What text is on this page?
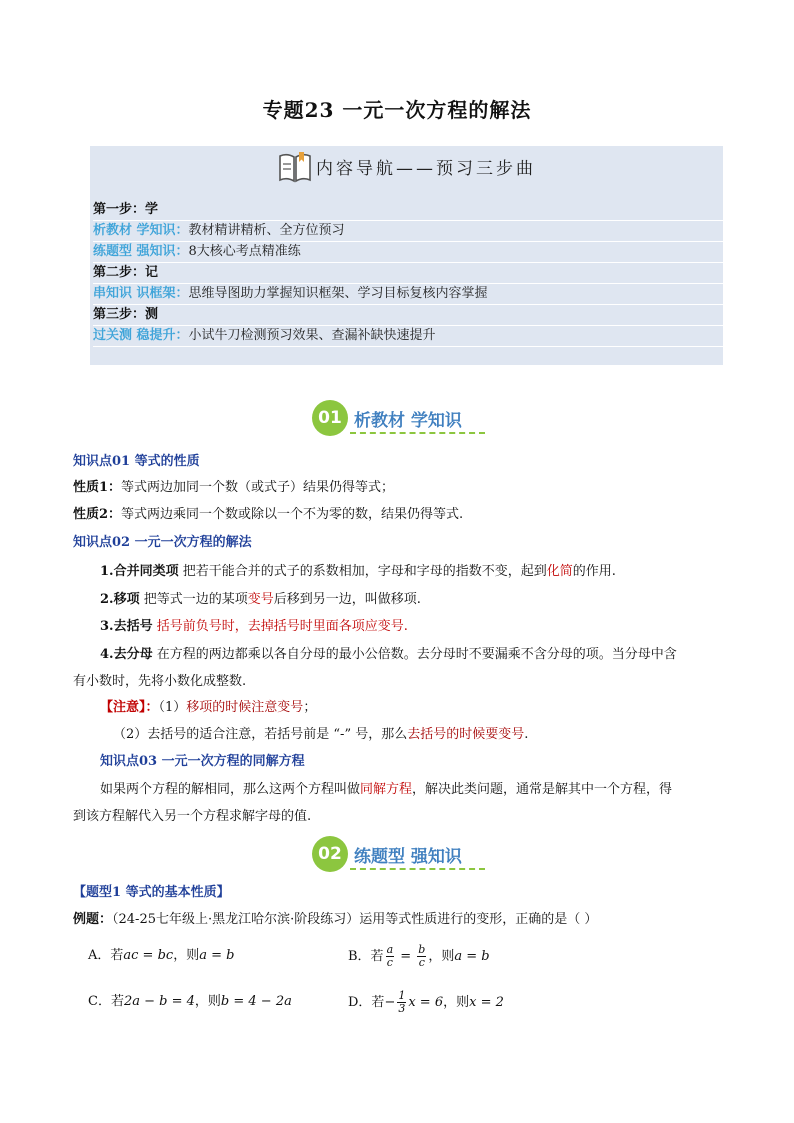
专题23 一元一次方程的解法
内容导航——预习三步曲
第一步：学
析教材 学知识：教材精讲精析、全方位预习
练题型 强知识：8大核心考点精准练
第二步：记
串知识 识框架：思维导图助力掌握知识框架、学习目标复核内容掌握
第三步：测
过关测 稳提升：小试牛刀检测预习效果、查漏补缺快速提升
01 析教材 学知识
知识点01 等式的性质
性质1：等式两边加同一个数（或式子）结果仍得等式；
性质2：等式两边乘同一个数或除以一个不为零的数，结果仍得等式.
知识点02 一元一次方程的解法
1.合并同类项 把若干能合并的式子的系数相加，字母和字母的指数不变，起到化简的作用.
2.移项 把等式一边的某项变号后移到另一边，叫做移项.
3.去括号 括号前负号时，去掉括号时里面各项应变号.
4.去分母 在方程的两边都乘以各自分母的最小公倍数。去分母时不要漏乘不含分母的项。当分母中含
有小数时，先将小数化成整数.
【注意】：（1）移项的时候注意变号；
（2）去括号的适合注意，若括号前是 “-” 号，那么去括号的时候要变号.
知识点03 一元一次方程的同解方程
如果两个方程的解相同，那么这两个方程叫做同解方程，解决此类问题，通常是解其中一个方程，得
到该方程解代入另一个方程求解字母的值.
02 练题型 强知识
【题型1 等式的基本性质】
例题：（24-25七年级上·黑龙江哈尔滨·阶段练习）运用等式性质进行的变形，正确的是（ ）
A．若ac = bc，则a = b	B．若 $\frac{a}{c} = \frac{b}{c}$ ，则a = b
C．若2a − b = 4，则b = 4 − 2a	D．若− $\frac{1}{3}$ x = 6，则x = 2
